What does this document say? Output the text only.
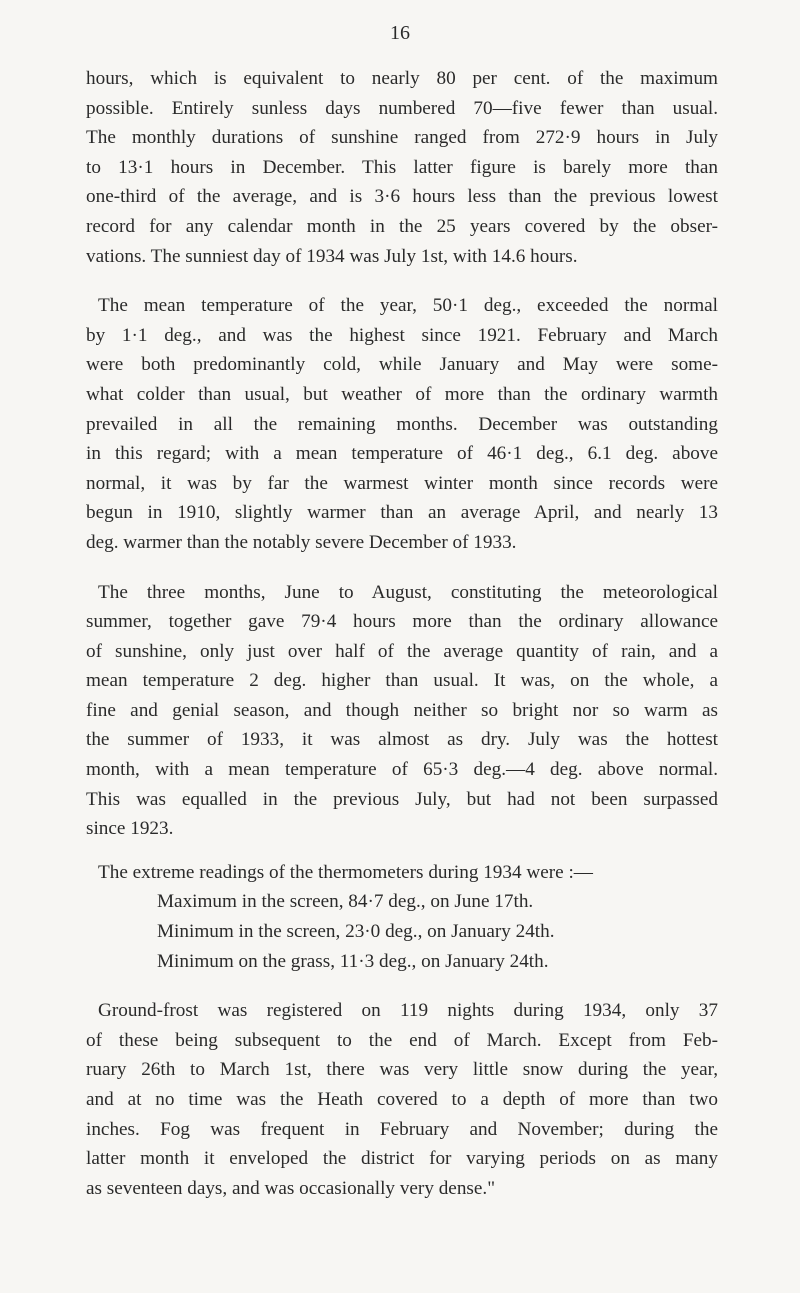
16
hours, which is equivalent to nearly 80 per cent. of the maximum
possible. Entirely sunless days numbered 70—five fewer than usual.
The monthly durations of sunshine ranged from 272·9 hours in July
to 13·1 hours in December. This latter figure is barely more than
one-third of the average, and is 3·6 hours less than the previous lowest
record for any calendar month in the 25 years covered by the obser-
vations. The sunniest day of 1934 was July 1st, with 14.6 hours.
The mean temperature of the year, 50·1 deg., exceeded the normal
by 1·1 deg., and was the highest since 1921. February and March
were both predominantly cold, while January and May were some-
what colder than usual, but weather of more than the ordinary warmth
prevailed in all the remaining months. December was outstanding
in this regard; with a mean temperature of 46·1 deg., 6.1 deg. above
normal, it was by far the warmest winter month since records were
begun in 1910, slightly warmer than an average April, and nearly 13
deg. warmer than the notably severe December of 1933.
The three months, June to August, constituting the meteorological
summer, together gave 79·4 hours more than the ordinary allowance
of sunshine, only just over half of the average quantity of rain, and a
mean temperature 2 deg. higher than usual. It was, on the whole, a
fine and genial season, and though neither so bright nor so warm as
the summer of 1933, it was almost as dry. July was the hottest
month, with a mean temperature of 65·3 deg.—4 deg. above normal.
This was equalled in the previous July, but had not been surpassed
since 1923.
The extreme readings of the thermometers during 1934 were :—
Maximum in the screen, 84·7 deg., on June 17th.
Minimum in the screen, 23·0 deg., on January 24th.
Minimum on the grass, 11·3 deg., on January 24th.
Ground-frost was registered on 119 nights during 1934, only 37
of these being subsequent to the end of March. Except from Feb-
ruary 26th to March 1st, there was very little snow during the year,
and at no time was the Heath covered to a depth of more than two
inches. Fog was frequent in February and November; during the
latter month it enveloped the district for varying periods on as many
as seventeen days, and was occasionally very dense."
